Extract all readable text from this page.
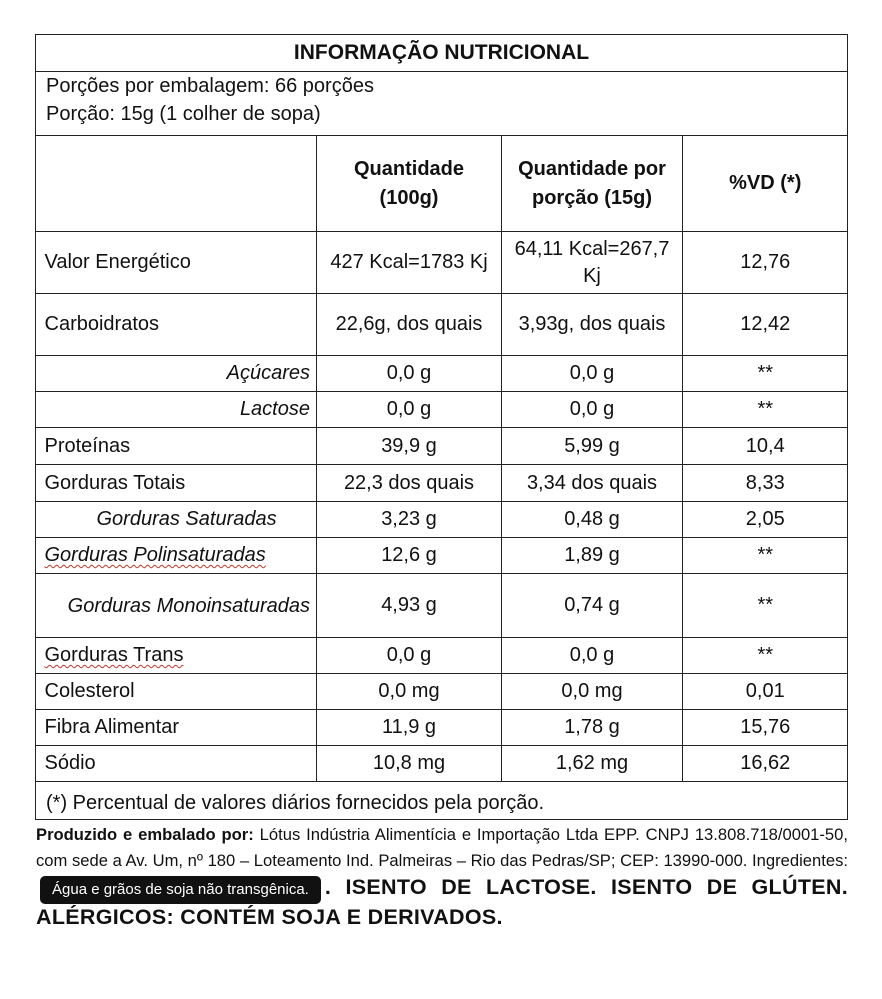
INFORMAÇÃO NUTRICIONAL
Porções por embalagem: 66 porções
Porção: 15g (1 colher de sopa)
	Quantidade (100g)	Quantidade por porção (15g)	%VD (*)
Valor Energético	427 Kcal=1783 Kj	64,11 Kcal=267,7 Kj	12,76
Carboidratos	22,6g, dos quais	3,93g, dos quais	12,42
Açúcares	0,0 g	0,0 g	**
Lactose	0,0 g	0,0 g	**
Proteínas	39,9 g	5,99 g	10,4
Gorduras Totais	22,3 dos quais	3,34 dos quais	8,33
Gorduras Saturadas	3,23 g	0,48 g	2,05
Gorduras Polinsaturadas	12,6 g	1,89 g	**
Gorduras Monoinsaturadas	4,93 g	0,74 g	**
Gorduras Trans	0,0 g	0,0 g	**
Colesterol	0,0 mg	0,0 mg	0,01
Fibra Alimentar	11,9 g	1,78 g	15,76
Sódio	10,8 mg	1,62 mg	16,62
(*) Percentual de valores diários fornecidos pela porção.
Produzido e embalado por: Lótus Indústria Alimentícia e Importação Ltda EPP. CNPJ 13.808.718/0001-50, com sede a Av. Um, nº 180 – Loteamento Ind. Palmeiras – Rio das Pedras/SP; CEP: 13990-000. Ingredientes: Água e grãos de soja não transgênica. . ISENTO DE LACTOSE. ISENTO DE GLÚTEN. ALÉRGICOS: CONTÉM SOJA E DERIVADOS.
